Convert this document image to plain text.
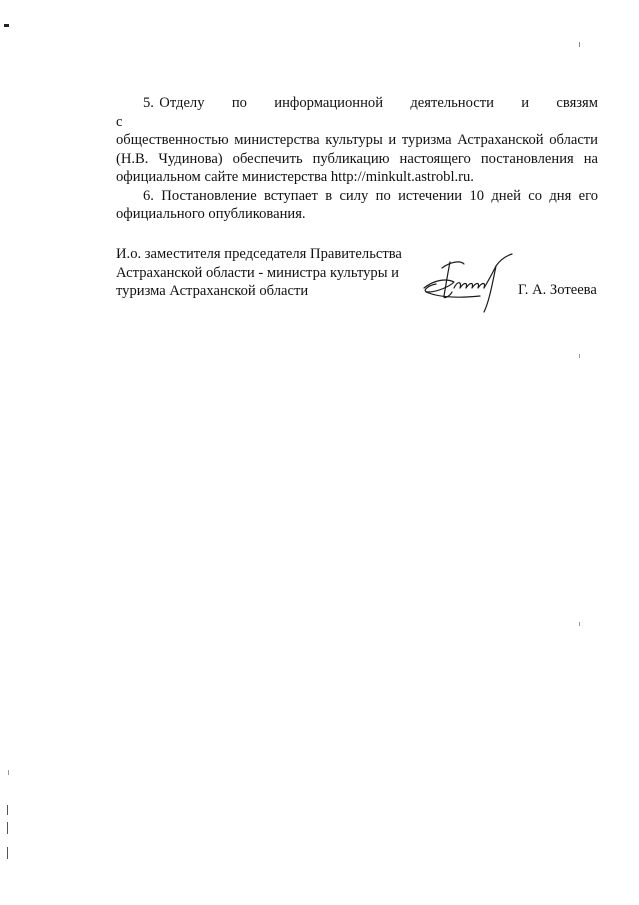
5. Отделу по информационной деятельности и связям с
общественностью министерства культуры и туризма Астраханской области
(Н.В. Чудинова) обеспечить публикацию настоящего постановления на
официальном сайте министерства http://minkult.astrobl.ru.

6. Постановление вступает в силу по истечении 10 дней со дня его
официального опубликования.

И.о. заместителя председателя Правительства
Астраханской области - министра культуры и
туризма Астраханской области	Г. А. Зотеева
